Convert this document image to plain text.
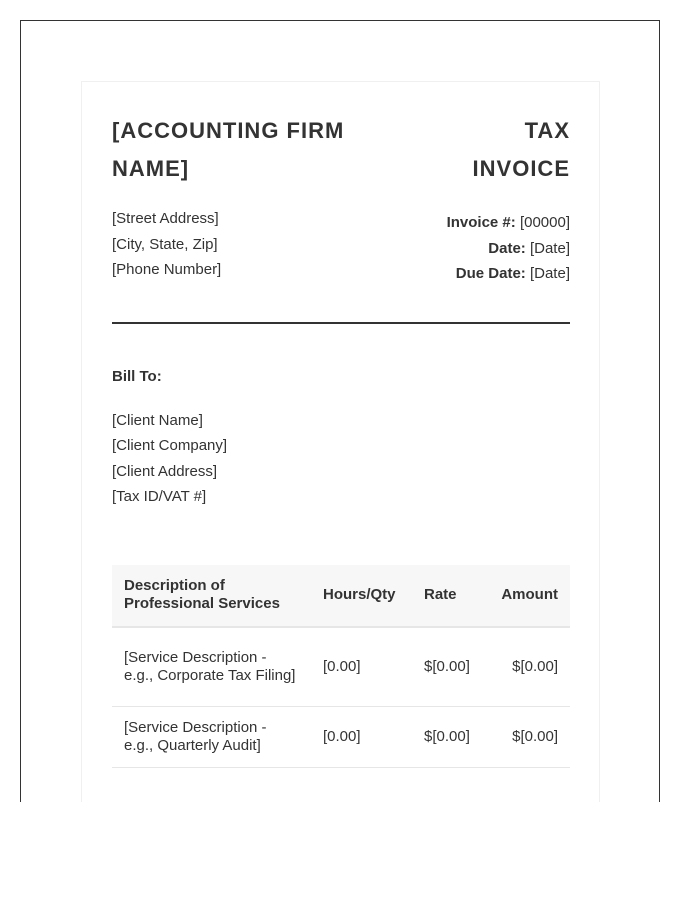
[ACCOUNTING FIRM NAME]
TAX INVOICE
[Street Address]
[City, State, Zip]
[Phone Number]
Invoice #: [00000]
Date: [Date]
Due Date: [Date]
Bill To:
[Client Name]
[Client Company]
[Client Address]
[Tax ID/VAT #]
Description of Professional Services	Hours/Qty	Rate	Amount
[Service Description - e.g., Corporate Tax Filing]	[0.00]	$[0.00]	$[0.00]
[Service Description - e.g., Quarterly Audit]	[0.00]	$[0.00]	$[0.00]
